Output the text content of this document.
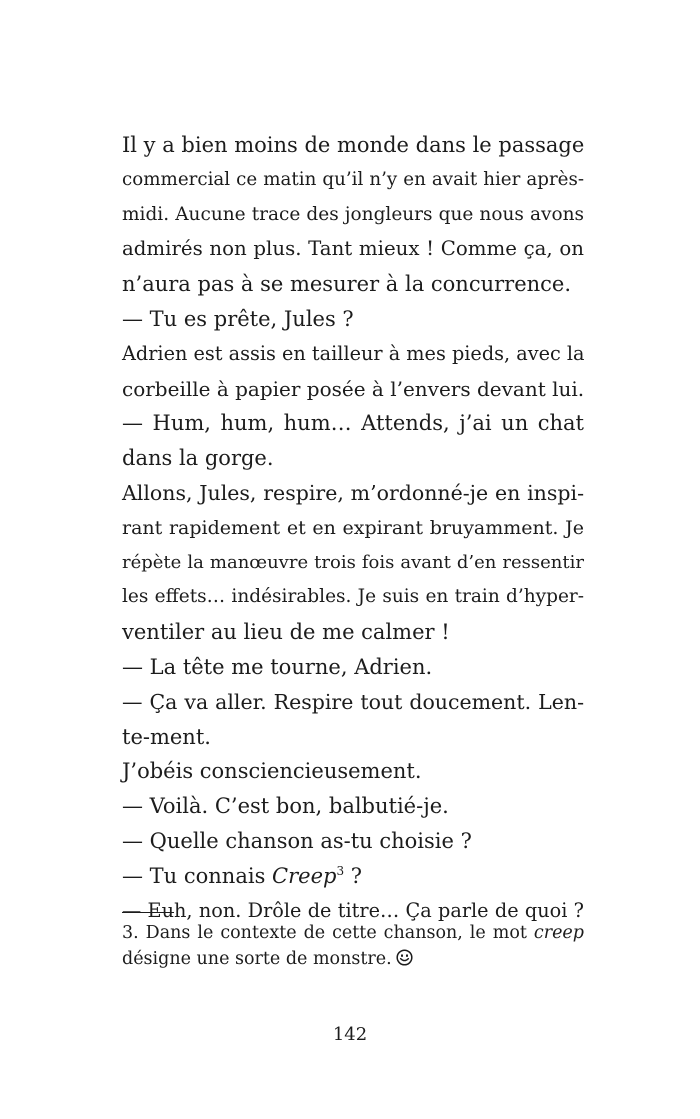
Il y a bien moins de monde dans le passage
commercial ce matin qu’il n’y en avait hier après-
midi. Aucune trace des jongleurs que nous avons
admirés non plus. Tant mieux ! Comme ça, on
n’aura pas à se mesurer à la concurrence.
— Tu es prête, Jules ?
Adrien est assis en tailleur à mes pieds, avec la
corbeille à papier posée à l’envers devant lui.
— Hum, hum, hum… Attends, j’ai un chat
dans la gorge.
Allons, Jules, respire, m’ordonné-je en inspi-
rant rapidement et en expirant bruyamment. Je
répète la manœuvre trois fois avant d’en ressentir
les effets… indésirables. Je suis en train d’hyper-
ventiler au lieu de me calmer !
— La tête me tourne, Adrien.
— Ça va aller. Respire tout doucement. Len-
te-ment.
J’obéis consciencieusement.
— Voilà. C’est bon, balbutié-je.
— Quelle chanson as-tu choisie ?
— Tu connais Creep$^3$ ?
— Euh, non. Drôle de titre… Ça parle de quoi ?
3. Dans le contexte de cette chanson, le mot creep
désigne une sorte de monstre.
142
